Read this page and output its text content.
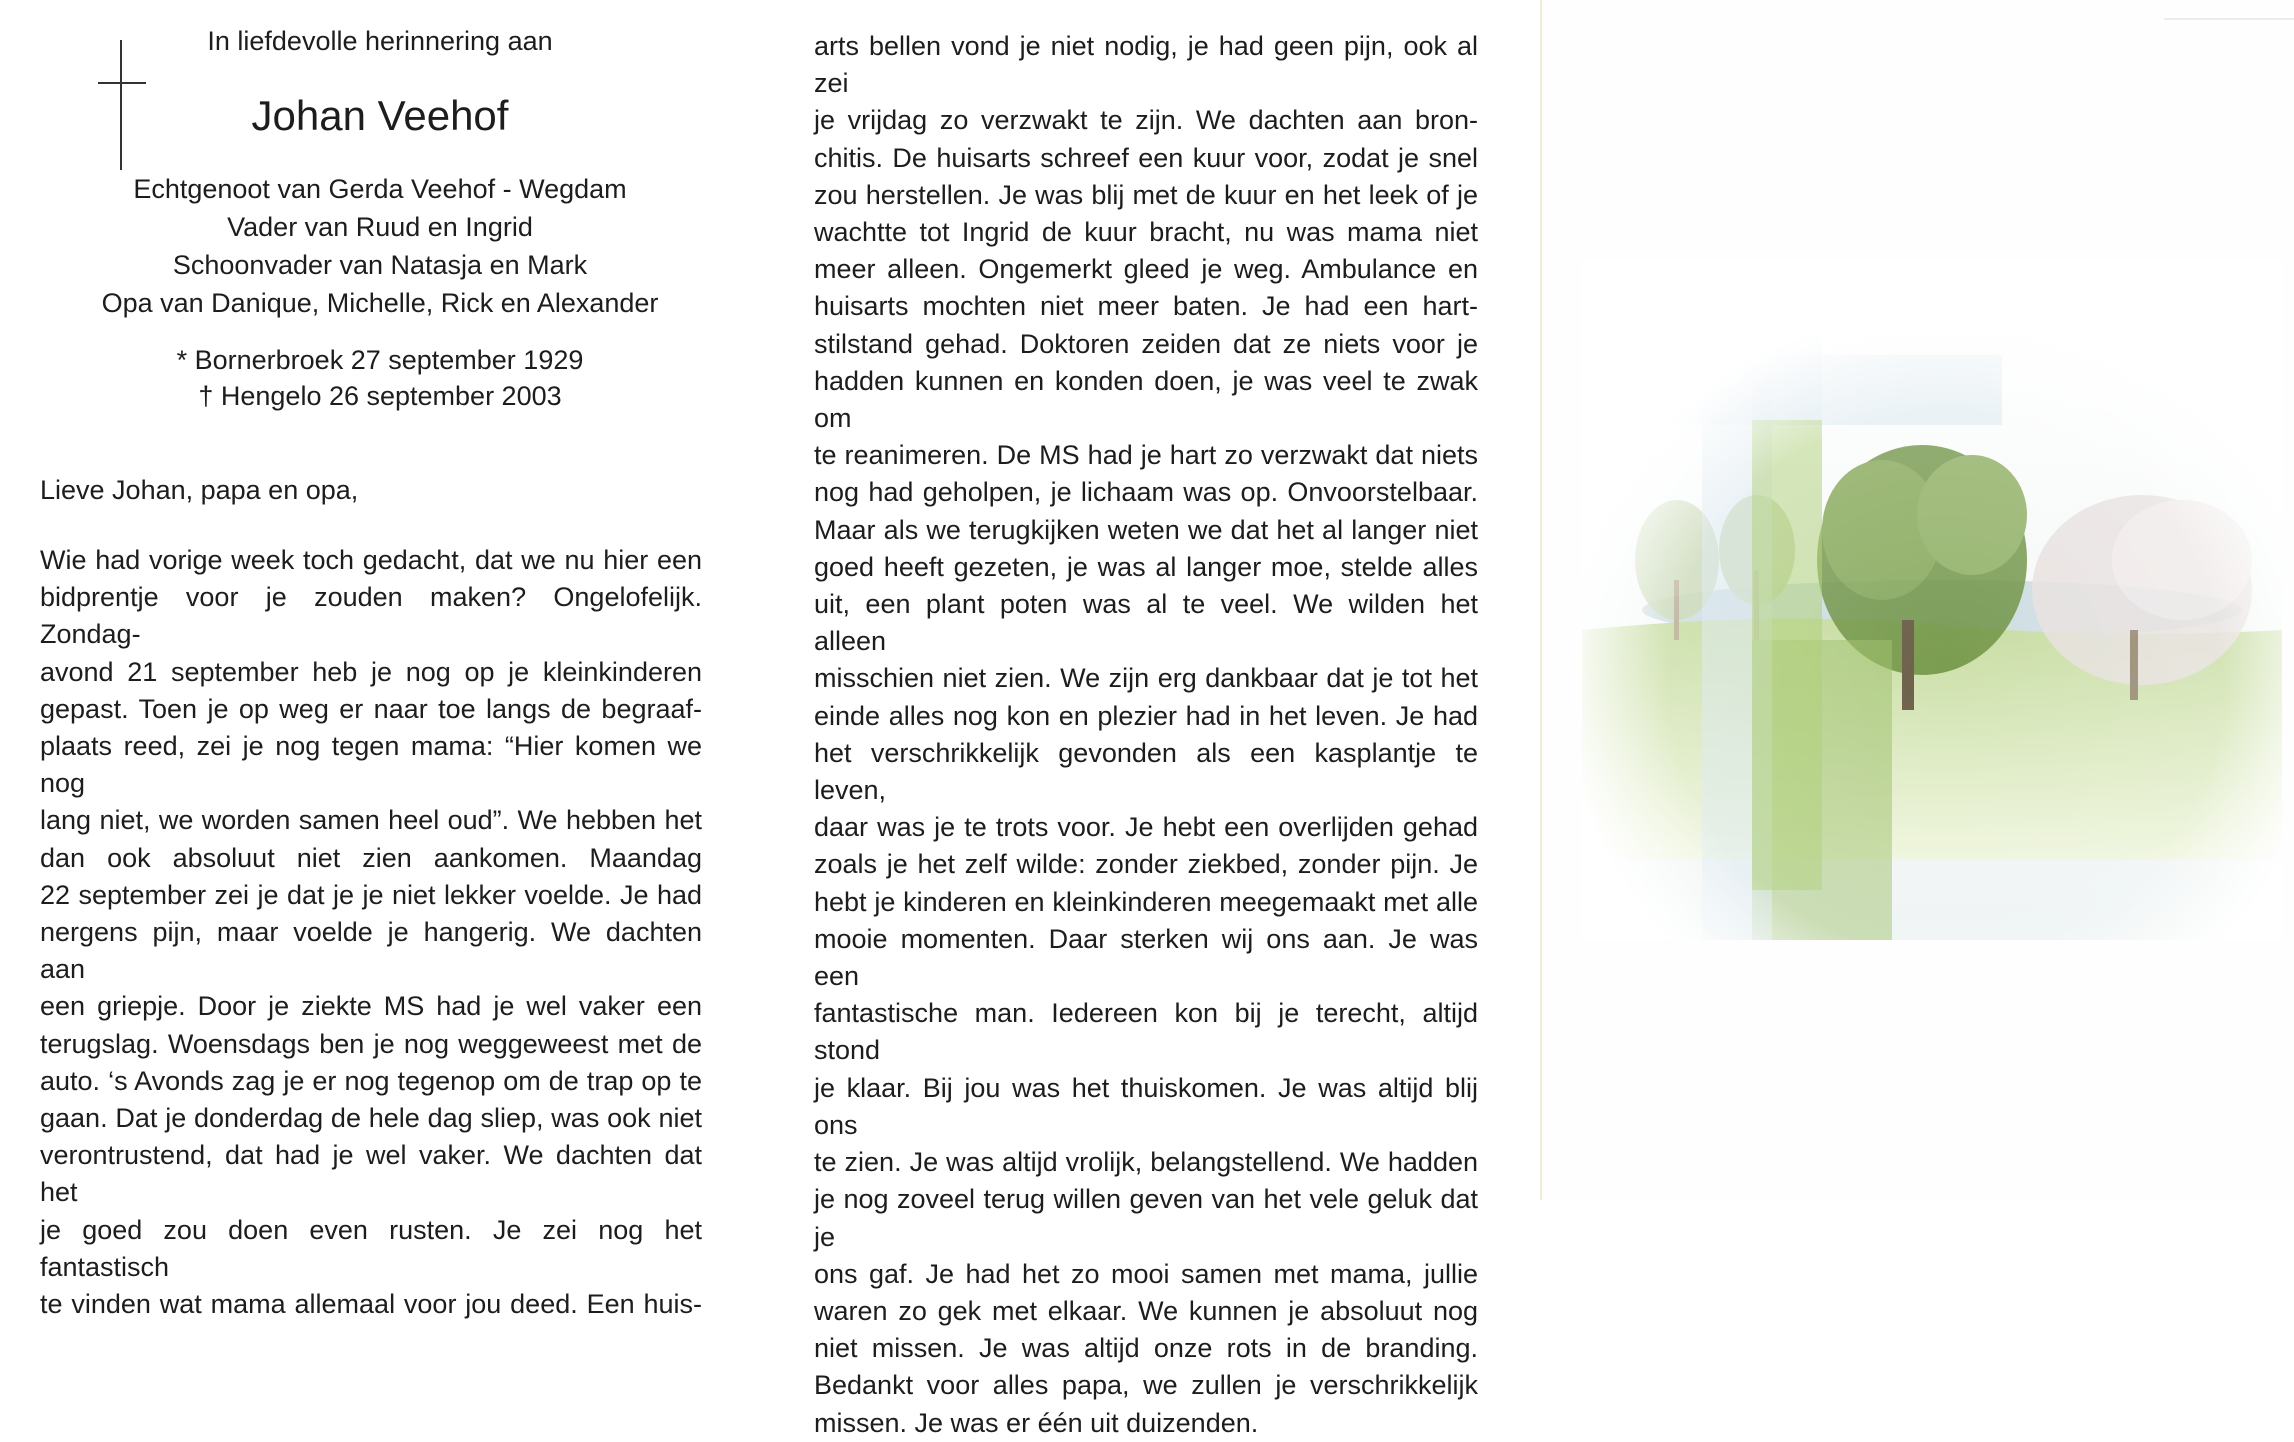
In liefdevolle herinnering aan
Johan Veehof
Echtgenoot van Gerda Veehof - Wegdam
Vader van Ruud en Ingrid
Schoonvader van Natasja en Mark
Opa van Danique, Michelle, Rick en Alexander
* Bornerbroek 27 september 1929
† Hengelo 26 september 2003
Lieve Johan, papa en opa,
Wie had vorige week toch gedacht, dat we nu hier een
bidprentje voor je zouden maken? Ongelofelijk. Zondag-
avond 21 september heb je nog op je kleinkinderen
gepast. Toen je op weg er naar toe langs de begraaf-
plaats reed, zei je nog tegen mama: “Hier komen we nog
lang niet, we worden samen heel oud”. We hebben het
dan ook absoluut niet zien aankomen. Maandag
22 september zei je dat je je niet lekker voelde. Je had
nergens pijn, maar voelde je hangerig. We dachten aan
een griepje. Door je ziekte MS had je wel vaker een
terugslag. Woensdags ben je nog weggeweest met de
auto. ‘s Avonds zag je er nog tegenop om de trap op te
gaan. Dat je donderdag de hele dag sliep, was ook niet
verontrustend, dat had je wel vaker. We dachten dat het
je goed zou doen even rusten. Je zei nog het fantastisch
te vinden wat mama allemaal voor jou deed. Een huis-
arts bellen vond je niet nodig, je had geen pijn, ook al zei
je vrijdag zo verzwakt te zijn. We dachten aan bron-
chitis. De huisarts schreef een kuur voor, zodat je snel
zou herstellen. Je was blij met de kuur en het leek of je
wachtte tot Ingrid de kuur bracht, nu was mama niet
meer alleen. Ongemerkt gleed je weg. Ambulance en
huisarts mochten niet meer baten. Je had een hart-
stilstand gehad. Doktoren zeiden dat ze niets voor je
hadden kunnen en konden doen, je was veel te zwak om
te reanimeren. De MS had je hart zo verzwakt dat niets
nog had geholpen, je lichaam was op. Onvoorstelbaar.
Maar als we terugkijken weten we dat het al langer niet
goed heeft gezeten, je was al langer moe, stelde alles
uit, een plant poten was al te veel. We wilden het alleen
misschien niet zien. We zijn erg dankbaar dat je tot het
einde alles nog kon en plezier had in het leven. Je had
het verschrikkelijk gevonden als een kasplantje te leven,
daar was je te trots voor. Je hebt een overlijden gehad
zoals je het zelf wilde: zonder ziekbed, zonder pijn. Je
hebt je kinderen en kleinkinderen meegemaakt met alle
mooie momenten. Daar sterken wij ons aan. Je was een
fantastische man. Iedereen kon bij je terecht, altijd stond
je klaar. Bij jou was het thuiskomen. Je was altijd blij ons
te zien. Je was altijd vrolijk, belangstellend. We hadden
je nog zoveel terug willen geven van het vele geluk dat je
ons gaf. Je had het zo mooi samen met mama, jullie
waren zo gek met elkaar. We kunnen je absoluut nog
niet missen. Je was altijd onze rots in de branding.
Bedankt voor alles papa, we zullen je verschrikkelijk
missen. Je was er één uit duizenden.
